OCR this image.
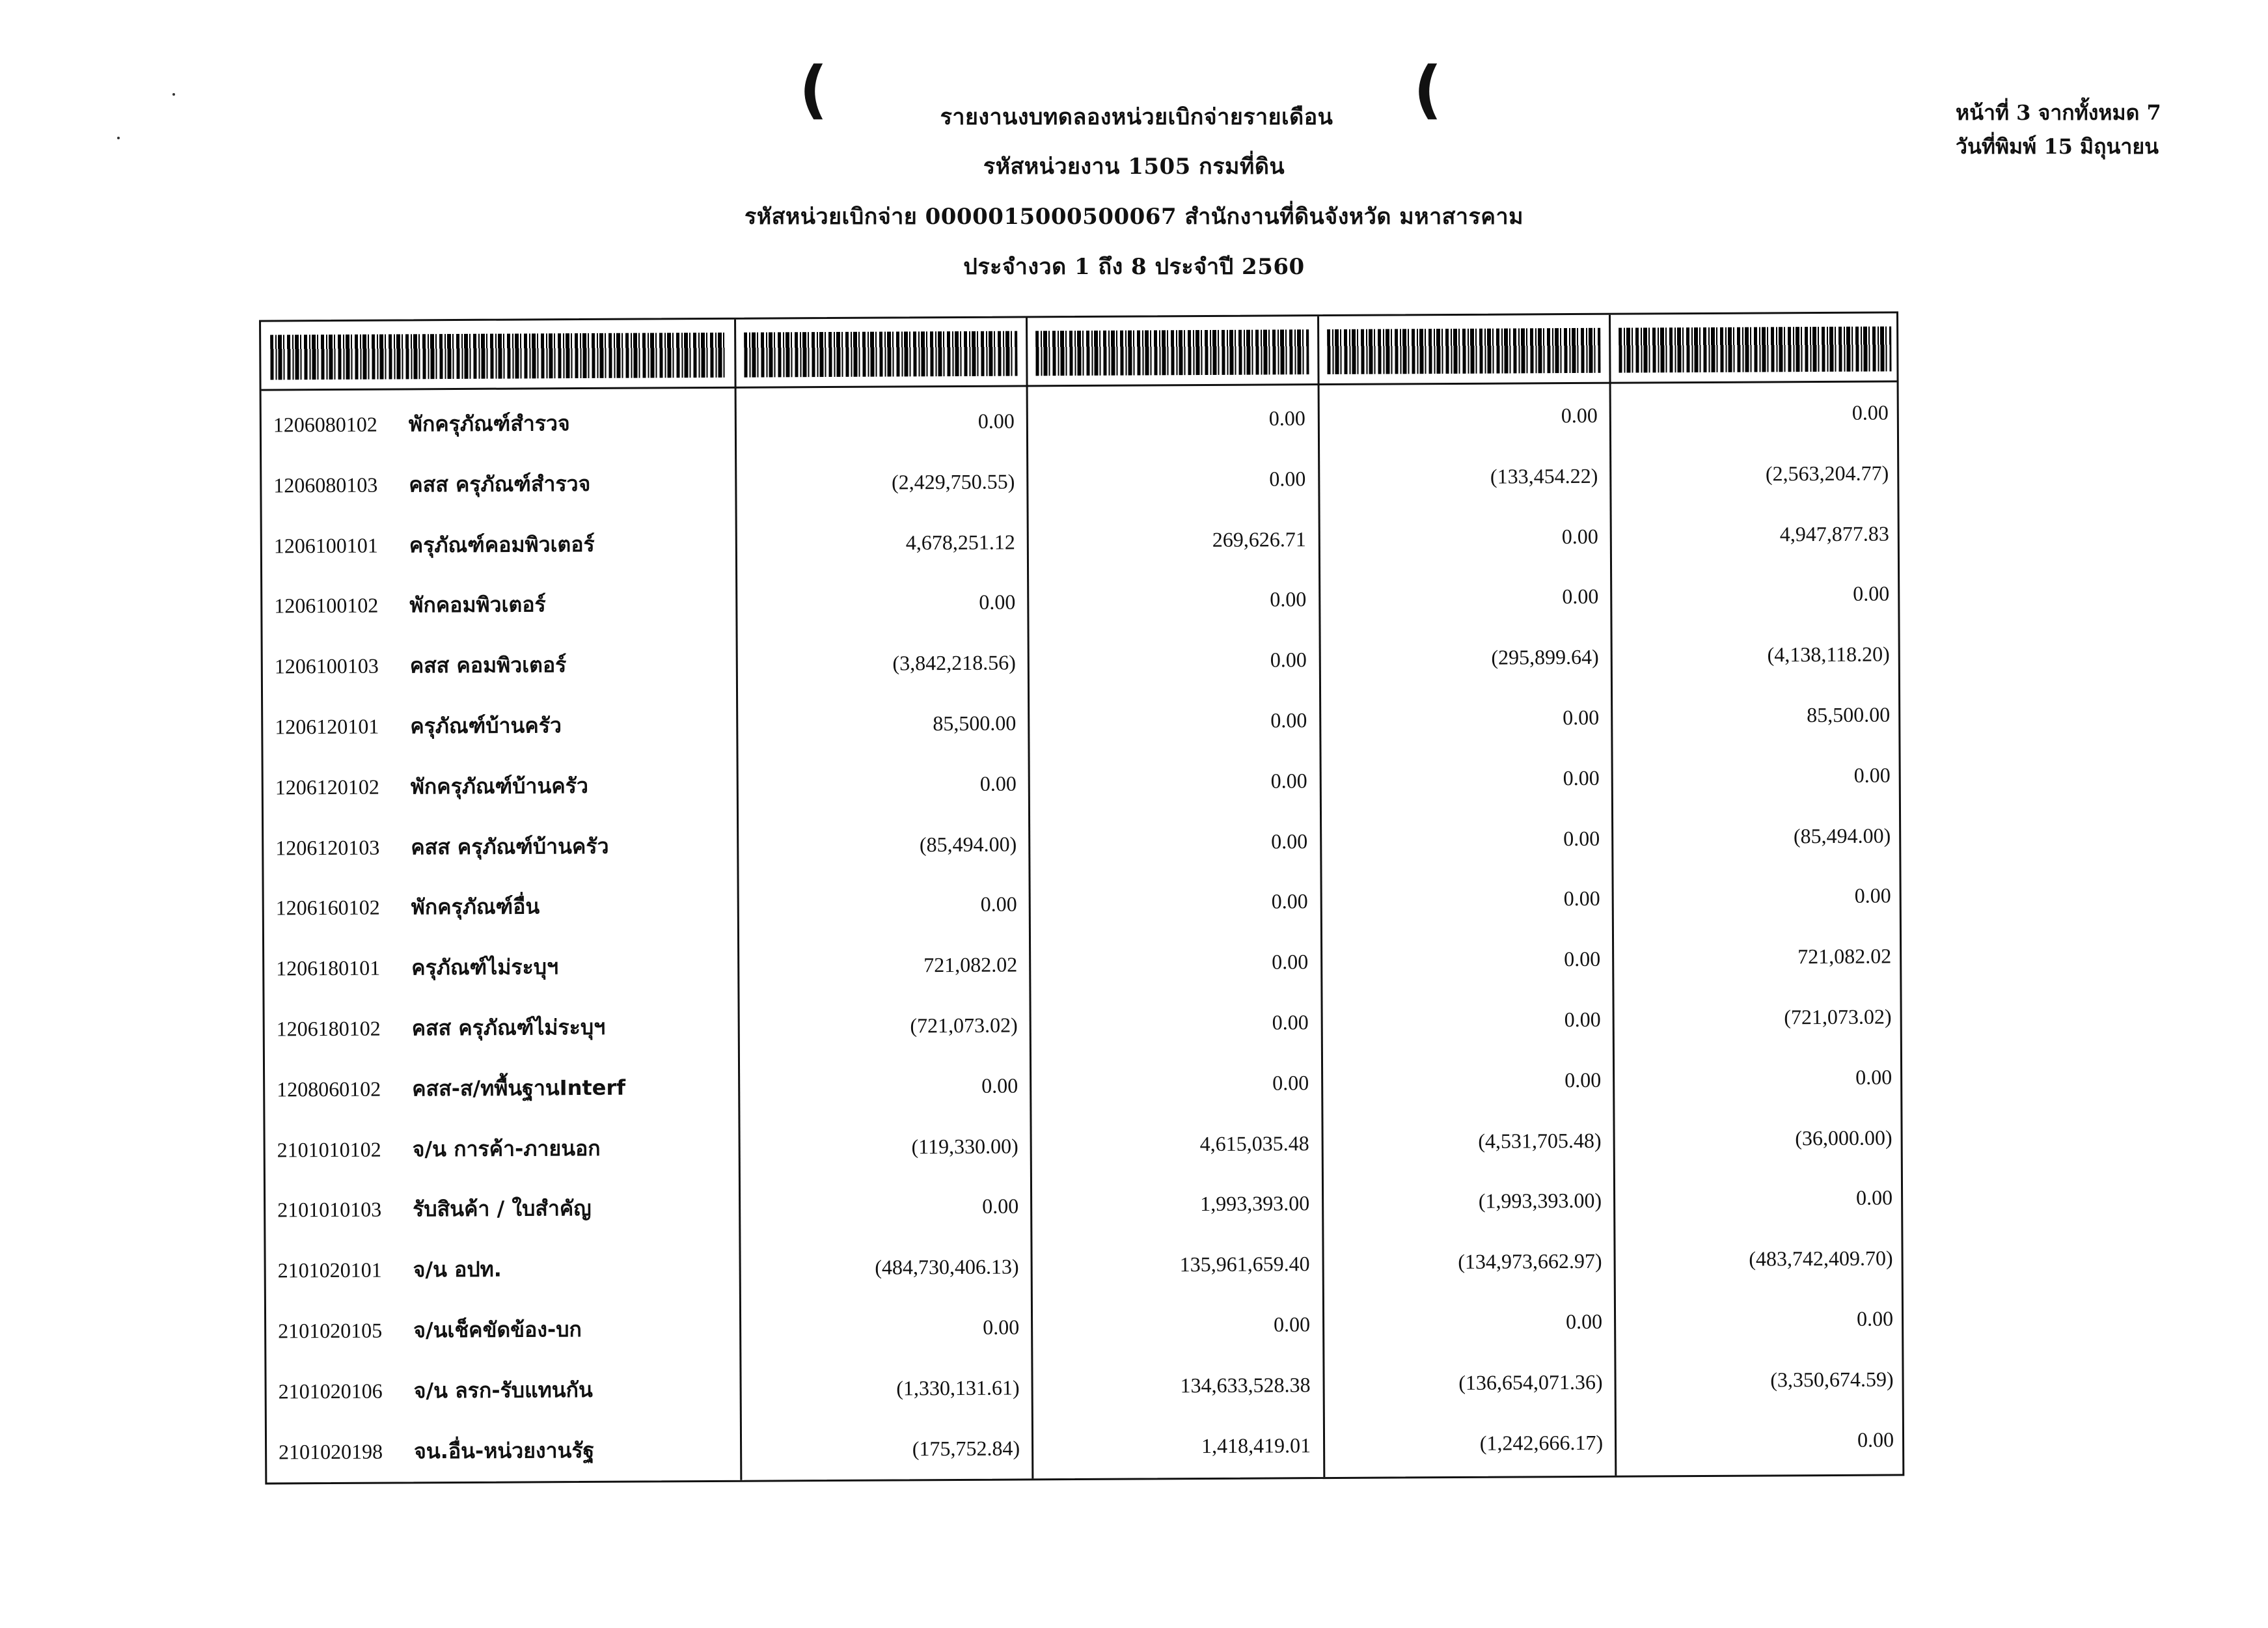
(	(
รายงานงบทดลองหน่วยเบิกจ่ายรายเดือน
รหัสหน่วยงาน 1505 กรมที่ดิน
รหัสหน่วยเบิกจ่าย 0000015000500067 สำนักงานที่ดินจังหวัด มหาสารคาม
ประจำงวด 1 ถึง 8 ประจำปี 2560
หน้าที่ 3 จากทั้งหมด 7
วันที่พิมพ์ 15 มิถุนายน
1206080102 พักครุภัณฑ์สำรวจ	0.00	0.00	0.00	0.00
1206080103 คสส ครุภัณฑ์สำรวจ	(2,429,750.55)	0.00	(133,454.22)	(2,563,204.77)
1206100101 ครุภัณฑ์คอมพิวเตอร์	4,678,251.12	269,626.71	0.00	4,947,877.83
1206100102 พักคอมพิวเตอร์	0.00	0.00	0.00	0.00
1206100103 คสส คอมพิวเตอร์	(3,842,218.56)	0.00	(295,899.64)	(4,138,118.20)
1206120101 ครุภัณฑ์บ้านครัว	85,500.00	0.00	0.00	85,500.00
1206120102 พักครุภัณฑ์บ้านครัว	0.00	0.00	0.00	0.00
1206120103 คสส ครุภัณฑ์บ้านครัว	(85,494.00)	0.00	0.00	(85,494.00)
1206160102 พักครุภัณฑ์อื่น	0.00	0.00	0.00	0.00
1206180101 ครุภัณฑ์ไม่ระบุฯ	721,082.02	0.00	0.00	721,082.02
1206180102 คสส ครุภัณฑ์ไม่ระบุฯ	(721,073.02)	0.00	0.00	(721,073.02)
1208060102 คสส-ส/ทพื้นฐานInterf	0.00	0.00	0.00	0.00
2101010102 จ/น การค้า-ภายนอก	(119,330.00)	4,615,035.48	(4,531,705.48)	(36,000.00)
2101010103 รับสินค้า / ใบสำคัญ	0.00	1,993,393.00	(1,993,393.00)	0.00
2101020101 จ/น อปท.	(484,730,406.13)	135,961,659.40	(134,973,662.97)	(483,742,409.70)
2101020105 จ/นเช็คขัดข้อง-บก	0.00	0.00	0.00	0.00
2101020106 จ/น ลรก-รับแทนกัน	(1,330,131.61)	134,633,528.38	(136,654,071.36)	(3,350,674.59)
2101020198 จน.อื่น-หน่วยงานรัฐ	(175,752.84)	1,418,419.01	(1,242,666.17)	0.00
